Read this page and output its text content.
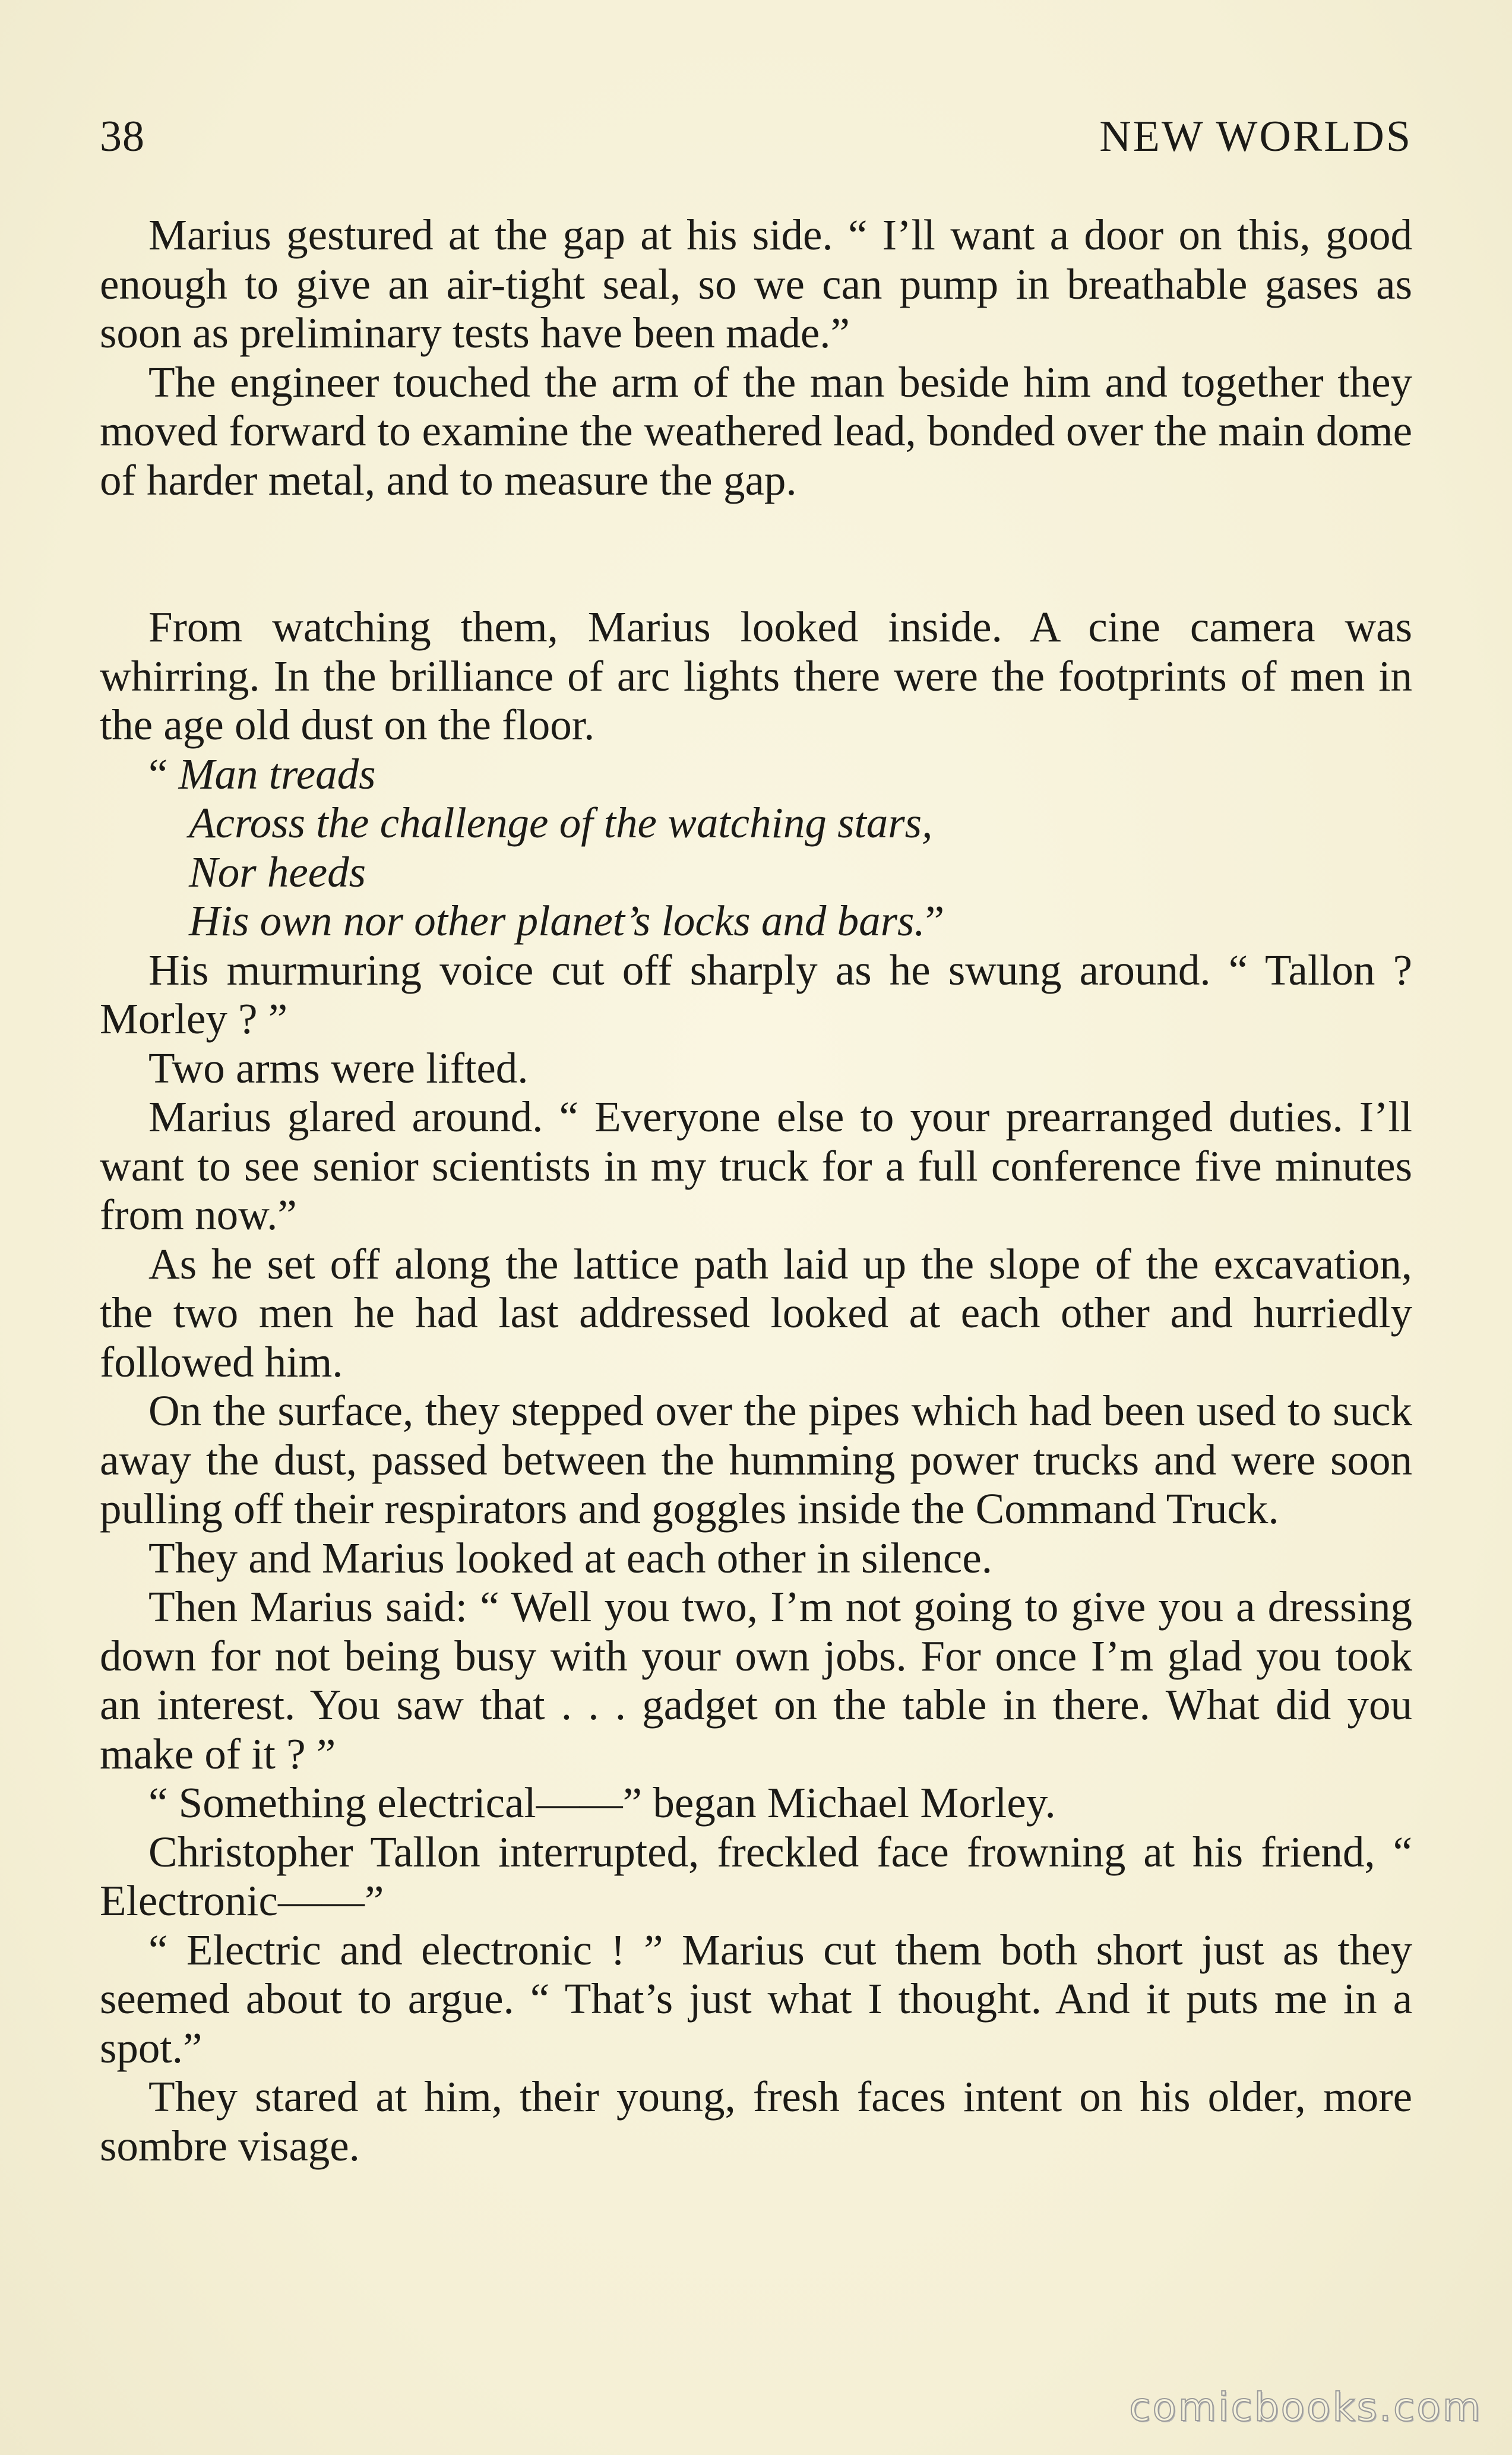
38	NEW WORLDS

Marius gestured at the gap at his side. “ I’ll want a door on this, good enough to give an air-tight seal, so we can pump in breathable gases as soon as preliminary tests have been made.”

The engineer touched the arm of the man beside him and together they moved forward to examine the weathered lead, bonded over the main dome of harder metal, and to measure the gap.

From watching them, Marius looked inside. A cine camera was whirring. In the brilliance of arc lights there were the footprints of men in the age old dust on the floor.

“ Man treads
Across the challenge of the watching stars,
Nor heeds
His own nor other planet’s locks and bars.”

His murmuring voice cut off sharply as he swung around. “ Tallon ? Morley ? ”

Two arms were lifted.

Marius glared around. “ Everyone else to your prearranged duties. I’ll want to see senior scientists in my truck for a full conference five minutes from now.”

As he set off along the lattice path laid up the slope of the excavation, the two men he had last addressed looked at each other and hurriedly followed him.

On the surface, they stepped over the pipes which had been used to suck away the dust, passed between the humming power trucks and were soon pulling off their respirators and goggles inside the Command Truck.

They and Marius looked at each other in silence.

Then Marius said: “ Well you two, I’m not going to give you a dressing down for not being busy with your own jobs. For once I’m glad you took an interest. You saw that . . . gadget on the table in there. What did you make of it ? ”

“ Something electrical——” began Michael Morley.

Christopher Tallon interrupted, freckled face frowning at his friend, “ Electronic——”

“ Electric and electronic ! ” Marius cut them both short just as they seemed about to argue. “ That’s just what I thought. And it puts me in a spot.”

They stared at him, their young, fresh faces intent on his older, more sombre visage.

comicbooks.com
